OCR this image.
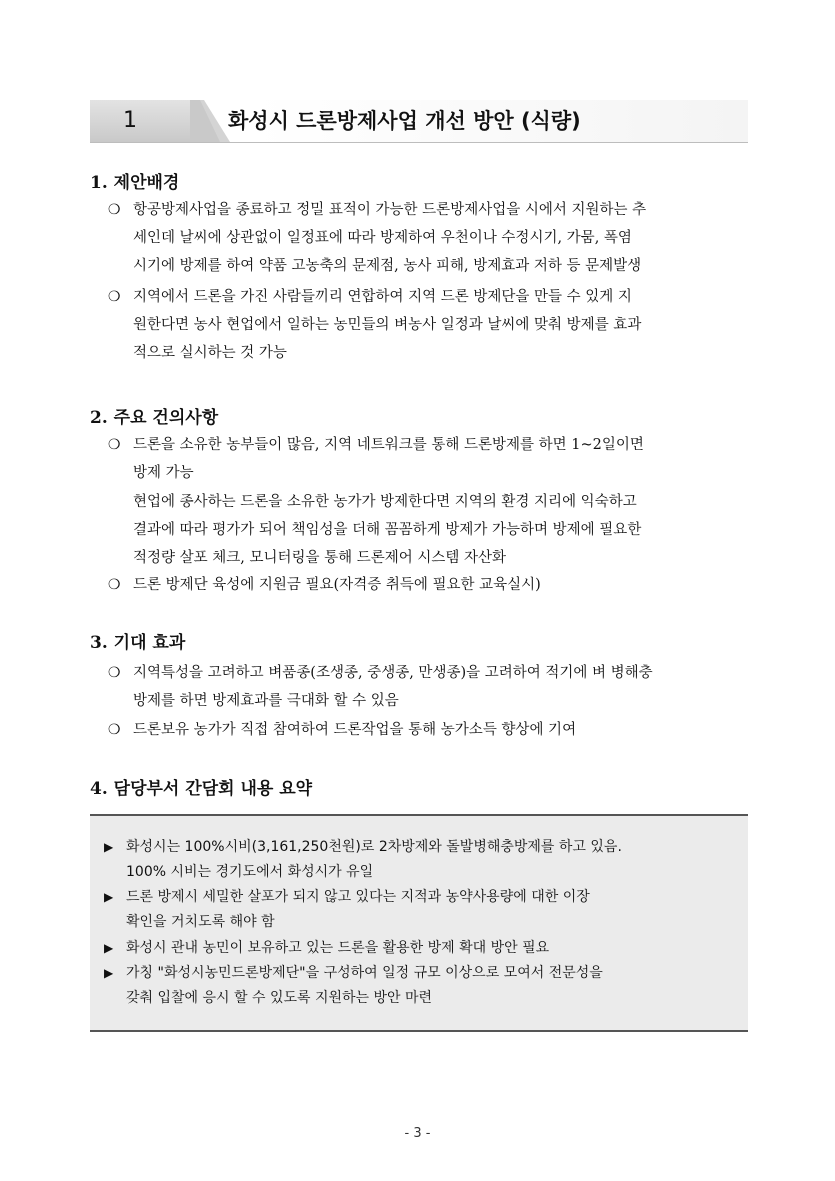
1	화성시 드론방제사업 개선 방안 (식량)
1. 제안배경
❍ 항공방제사업을 종료하고 정밀 표적이 가능한 드론방제사업을 시에서 지원하는 추
세인데 날씨에 상관없이 일정표에 따라 방제하여 우천이나 수정시기, 가뭄, 폭염
시기에 방제를 하여 약품 고농축의 문제점, 농사 피해, 방제효과 저하 등 문제발생
❍ 지역에서 드론을 가진 사람들끼리 연합하여 지역 드론 방제단을 만들 수 있게 지
원한다면 농사 현업에서 일하는 농민들의 벼농사 일정과 날씨에 맞춰 방제를 효과
적으로 실시하는 것 가능
2. 주요 건의사항
❍ 드론을 소유한 농부들이 많음, 지역 네트워크를 통해 드론방제를 하면 1~2일이면
방제 가능
현업에 종사하는 드론을 소유한 농가가 방제한다면 지역의 환경 지리에 익숙하고
결과에 따라 평가가 되어 책임성을 더해 꼼꼼하게 방제가 가능하며 방제에 필요한
적정량 살포 체크, 모니터링을 통해 드론제어 시스템 자산화
❍ 드론 방제단 육성에 지원금 필요(자격증 취득에 필요한 교육실시)
3. 기대 효과
❍ 지역특성을 고려하고 벼품종(조생종, 중생종, 만생종)을 고려하여 적기에 벼 병해충
방제를 하면 방제효과를 극대화 할 수 있음
❍ 드론보유 농가가 직접 참여하여 드론작업을 통해 농가소득 향상에 기여
4. 담당부서 간담회 내용 요약
▶ 화성시는 100%시비(3,161,250천원)로 2차방제와 돌발병해충방제를 하고 있음.
100% 시비는 경기도에서 화성시가 유일
▶ 드론 방제시 세밀한 살포가 되지 않고 있다는 지적과 농약사용량에 대한 이장
확인을 거치도록 해야 함
▶ 화성시 관내 농민이 보유하고 있는 드론을 활용한 방제 확대 방안 필요
▶ 가칭 "화성시농민드론방제단"을 구성하여 일정 규모 이상으로 모여서 전문성을
갖춰 입찰에 응시 할 수 있도록 지원하는 방안 마련
- 3 -
